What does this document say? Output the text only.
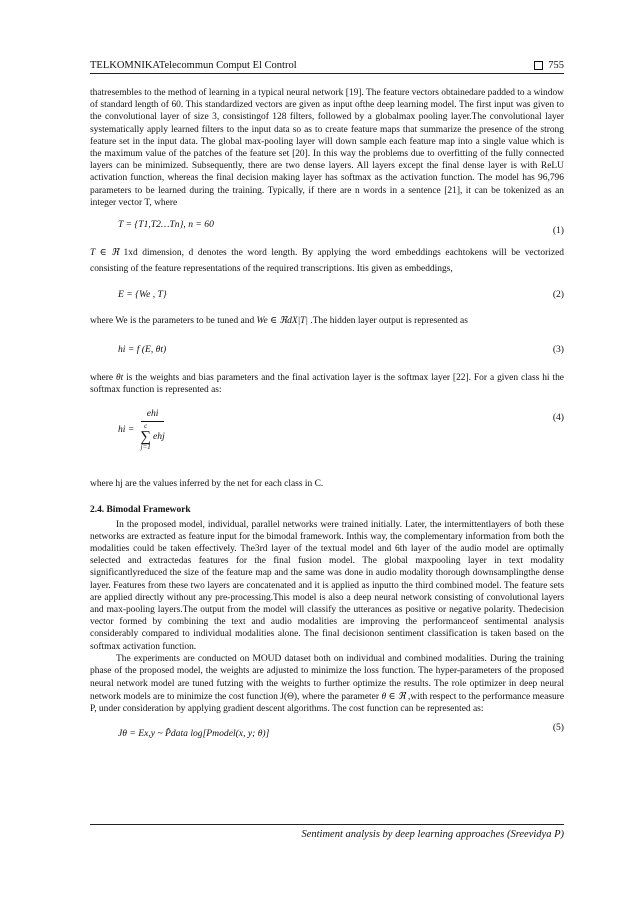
TELKOMNIKATelecommun Comput El Control	755

thatresembles to the method of learning in a typical neural network [19]. The feature vectors obtainedare padded to a window of standard length of 60. This standardized vectors are given as input ofthe deep learning model. The first input was given to the convolutional layer of size 3, consistingof 128 filters, followed by a globalmax pooling layer.The convolutional layer systematically apply learned filters to the input data so as to create feature maps that summarize the presence of the strong feature set in the input data. The global max-pooling layer will down sample each feature map into a single value which is the maximum value of the patches of the feature set [20]. In this way the problems due to overfitting of the fully connected layers can be minimized. Subsequently, there are two dense layers. All layers except the final dense layer is with ReLU activation function, whereas the final decision making layer has softmax as the activation function. The model has 96,796 parameters to be learned during the training. Typically, if there are n words in a sentence [21], it can be tokenized as an integer vector T, where

T = {T1,T2…Tn}, n = 60
(1)

T ∈ ℜ 1xd dimension, d denotes the word length. By applying the word embeddings eachtokens will be vectorized consisting of the feature representations of the required transcriptions. Itis given as embeddings,

E = {We , T}	(2)

where We is the parameters to be tuned and We ∈ ℜdX|T| .The hidden layer output is represented as

hi = f (E, θt)	(3)

where θt is the weights and bias parameters and the final activation layer is the softmax layer [22]. For a given class hi the softmax function is represented as:

hi = ehi
c
∑
j=1
ehj	(4)

where hj are the values inferred by the net for each class in C.

2.4. Bimodal Framework

In the proposed model, individual, parallel networks were trained initially. Later, the intermittentlayers of both these networks are extracted as feature input for the bimodal framework. Inthis way, the complementary information from both the modalities could be taken effectively. The3rd layer of the textual model and 6th layer of the audio model are optimally selected and extractedas features for the final fusion model. The global maxpooling layer in text modality significantlyreduced the size of the feature map and the same was done in audio modality thorough downsamplingthe dense layer. Features from these two layers are concatenated and it is applied as inputto the third combined model. The feature sets are applied directly without any pre-processing.This model is also a deep neural network consisting of convolutional layers and max-pooling layers.The output from the model will classify the utterances as positive or negative polarity. Thedecision vector formed by combining the text and audio modalities are improving the performanceof sentimental analysis considerably compared to individual modalities alone. The final decisionon sentiment classification is taken based on the softmax activation function.

The experiments are conducted on MOUD dataset both on individual and combined modalities. During the training phase of the proposed model, the weights are adjusted to minimize the loss function. The hyper-parameters of the proposed neural network model are tuned futzing with the weights to further optimize the results. The role optimizer in deep neural network models are to minimize the cost function J(Θ), where the parameter θ ∈ ℜ ,with respect to the performance measure P, under consideration by applying gradient descent algorithms. The cost function can be represented as:

Jθ = Ex,y ~ P̂data log[Pmodel(x, y; θ)]
(5)
Sentiment analysis by deep learning approaches (Sreevidya P)
